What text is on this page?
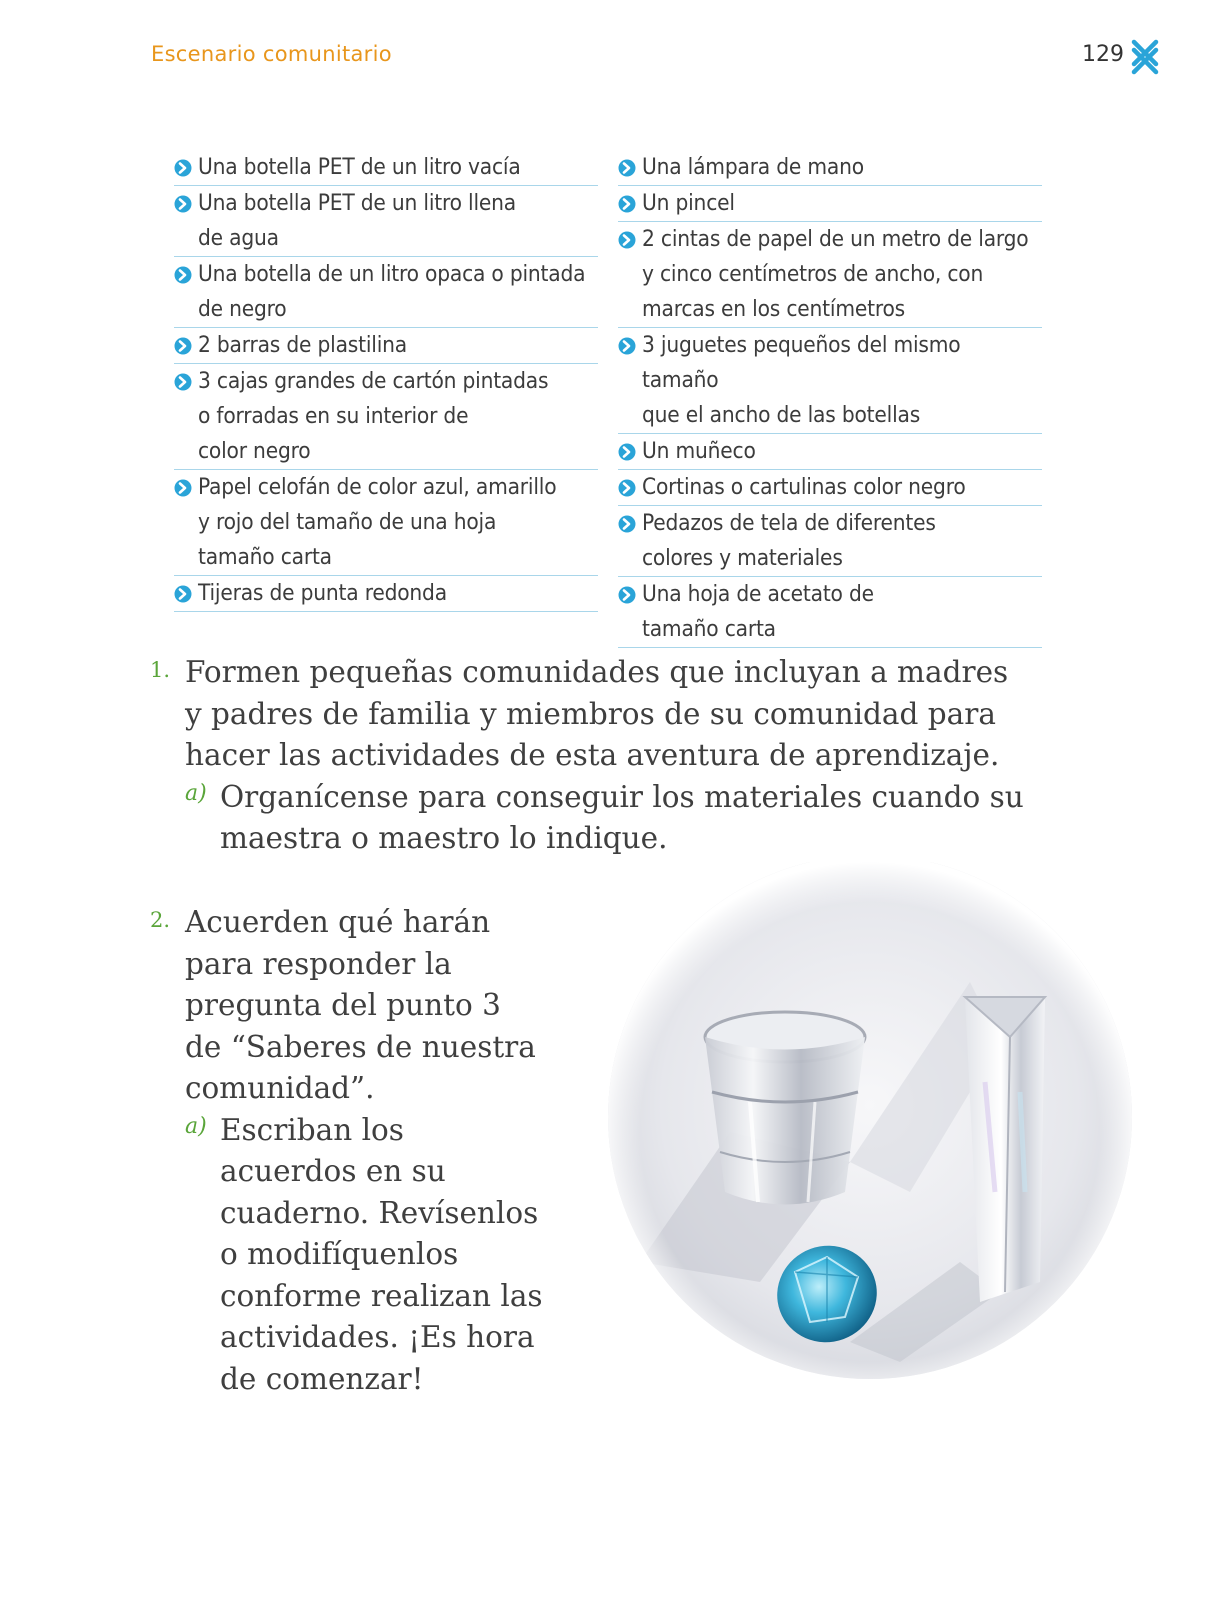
Escenario comunitario	129
Una botella PET de un litro vacía
Una botella PET de un litro llena
de agua
Una botella de un litro opaca o pintada
de negro
2 barras de plastilina
3 cajas grandes de cartón pintadas
o forradas en su interior de
color negro
Papel celofán de color azul, amarillo
y rojo del tamaño de una hoja
tamaño carta
Tijeras de punta redonda
Una lámpara de mano
Un pincel
2 cintas de papel de un metro de largo
y cinco centímetros de ancho, con
marcas en los centímetros
3 juguetes pequeños del mismo tamaño
que el ancho de las botellas
Un muñeco
Cortinas o cartulinas color negro
Pedazos de tela de diferentes
colores y materiales
Una hoja de acetato de
tamaño carta
1. Formen pequeñas comunidades que incluyan a madres
y padres de familia y miembros de su comunidad para
hacer las actividades de esta aventura de aprendizaje.
a) Organícense para conseguir los materiales cuando su
maestra o maestro lo indique.
2. Acuerden qué harán
para responder la
pregunta del punto 3
de “Saberes de nuestra
comunidad”.
a) Escriban los
acuerdos en su
cuaderno. Revísenlos
o modifíquenlos
conforme realizan las
actividades. ¡Es hora
de comenzar!
